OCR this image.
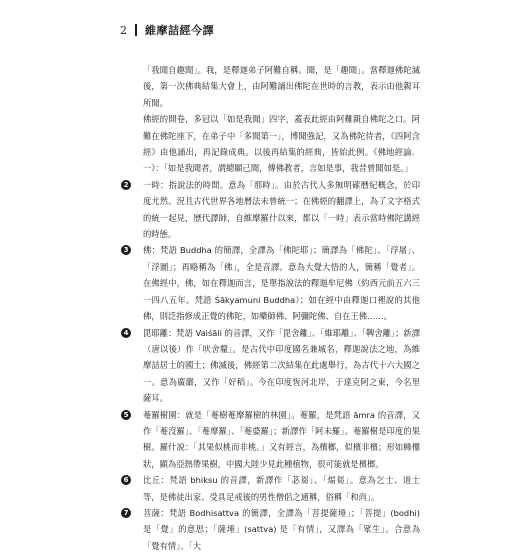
2 維摩詰經今譯

「我聞自趣聞」。我，是釋迦弟子阿難自稱。聞，是「趣聞」。當釋迦佛陀滅後，第一次佛典結集大會上，由阿難誦出佛陀在世時的言教，表示由他親耳所聞。

佛經的開卷，多冠以「如是我聞」四字，蓋表此經由阿難親自佛陀之口。阿難在佛陀座下，在弟子中「多聞第一」，博聞強記，又為佛陀侍者，《四阿含經》由他誦出，再記錄成典。以後再結集的經典，皆始此例。《佛地經論．一》：「如是我聞者，謂總顯己聞，傳佛教者，言如是事，我昔曾聞如是。」

2	一時：指說法的時間。意為「那時」。由於古代人多無明確曆紀概念，於印度尤然。況且古代世界各地曆法未曾統一；在佛經的翻譯上，為了文字格式的統一起見，歷代譯師，自維摩羅什以來，都以「一時」表示當時佛陀講經的時態。
3	佛：梵語 Buddha 的簡譯，全譯為「佛陀耶」；簡譯為「佛陀」、「浮屠」、「浮圖」；再略稱為「佛」，全是音譯。意為大覺大悟的人，簡稱「覺者」。在佛經中，佛，如在釋迦而言，是單指說法的釋迦牟尼佛（約西元前五六三一四八五年。梵語 Śākyamuni Buddha）；如在經中由釋迦口裡說的其他佛，則泛指修成正覺的佛陀，如藥師佛、阿彌陀佛、自在王佛……。
4	毘耶離：梵語 Vaiśāli 的音譯，又作「毘舍離」、「維耶離」、「鞞舍離」；新譯（唐以後）作「吠舍釐」。是古代中印度國名兼城名，釋迦說法之地，為維摩詰居士的國土；佛滅後，佛經第二次結集在此處舉行，為古代十六大國之一。意為廣嚴，又作「好稻」。今在印度恆河北岸，于達克阿之東，今名里薩耳。
5	菴羅樹園：就是「菴樹菴摩羅樹的林園」。菴羅，是梵語 āmra 的音譯，又作「菴沒羅」、「菴摩羅」、「菴婆羅」；新譯作「阿末羅」。菴羅樹是印度的果樹。羅什說：「其果似桃而非桃。」又有經言，為檳榔，似檳非檳；形如櫞樓狀，顯為亞熱帶果樹，中國大陸少見此種植物，很可能就是檳榔。
6	比丘：梵語 bhiksu 的音譯，新譯作「苾芻」、「煏芻」。意為乞士、道士等，是佛徒出家、受具足戒後的男性僧侶之通稱，俗稱「和尚」。
7	菩薩：梵語 Bodhisattva 的簡譯，全譯為「菩提薩埵」；「菩提」(bodhi) 是「覺」的意思；「薩埵」(sattva) 是「有情」，又譯為「眾生」。合意為「覺有情」、「大
